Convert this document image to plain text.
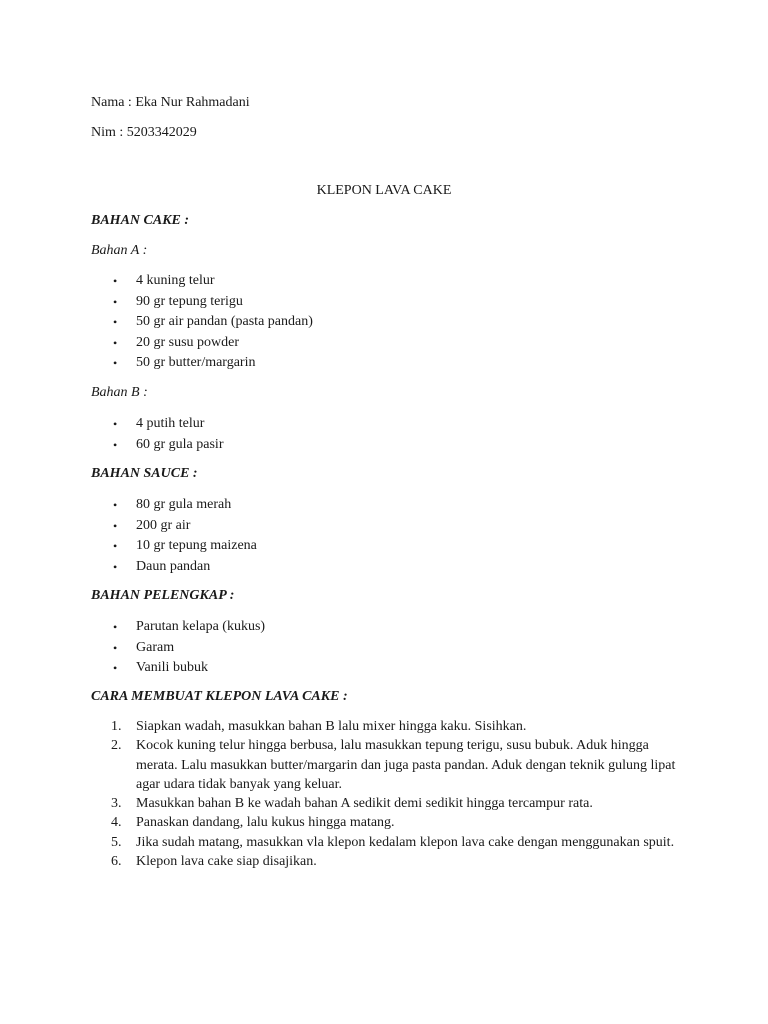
Nama : Eka Nur Rahmadani
Nim : 5203342029
KLEPON LAVA CAKE
BAHAN CAKE :
Bahan A :
• 4 kuning telur
• 90 gr tepung terigu
• 50 gr air pandan (pasta pandan)
• 20 gr susu powder
• 50 gr butter/margarin
Bahan B :
• 4 putih telur
• 60 gr gula pasir
BAHAN SAUCE :
• 80 gr gula merah
• 200 gr air
• 10 gr tepung maizena
• Daun pandan
BAHAN PELENGKAP :
• Parutan kelapa (kukus)
• Garam
• Vanili bubuk
CARA MEMBUAT KLEPON LAVA CAKE :
1. Siapkan wadah, masukkan bahan B lalu mixer hingga kaku. Sisihkan.
2. Kocok kuning telur hingga berbusa, lalu masukkan tepung terigu, susu bubuk. Aduk hingga merata. Lalu masukkan butter/margarin dan juga pasta pandan. Aduk dengan teknik gulung lipat agar udara tidak banyak yang keluar.
3. Masukkan bahan B ke wadah bahan A sedikit demi sedikit hingga tercampur rata.
4. Panaskan dandang, lalu kukus hingga matang.
5. Jika sudah matang, masukkan vla klepon kedalam klepon lava cake dengan menggunakan spuit.
6. Klepon lava cake siap disajikan.
